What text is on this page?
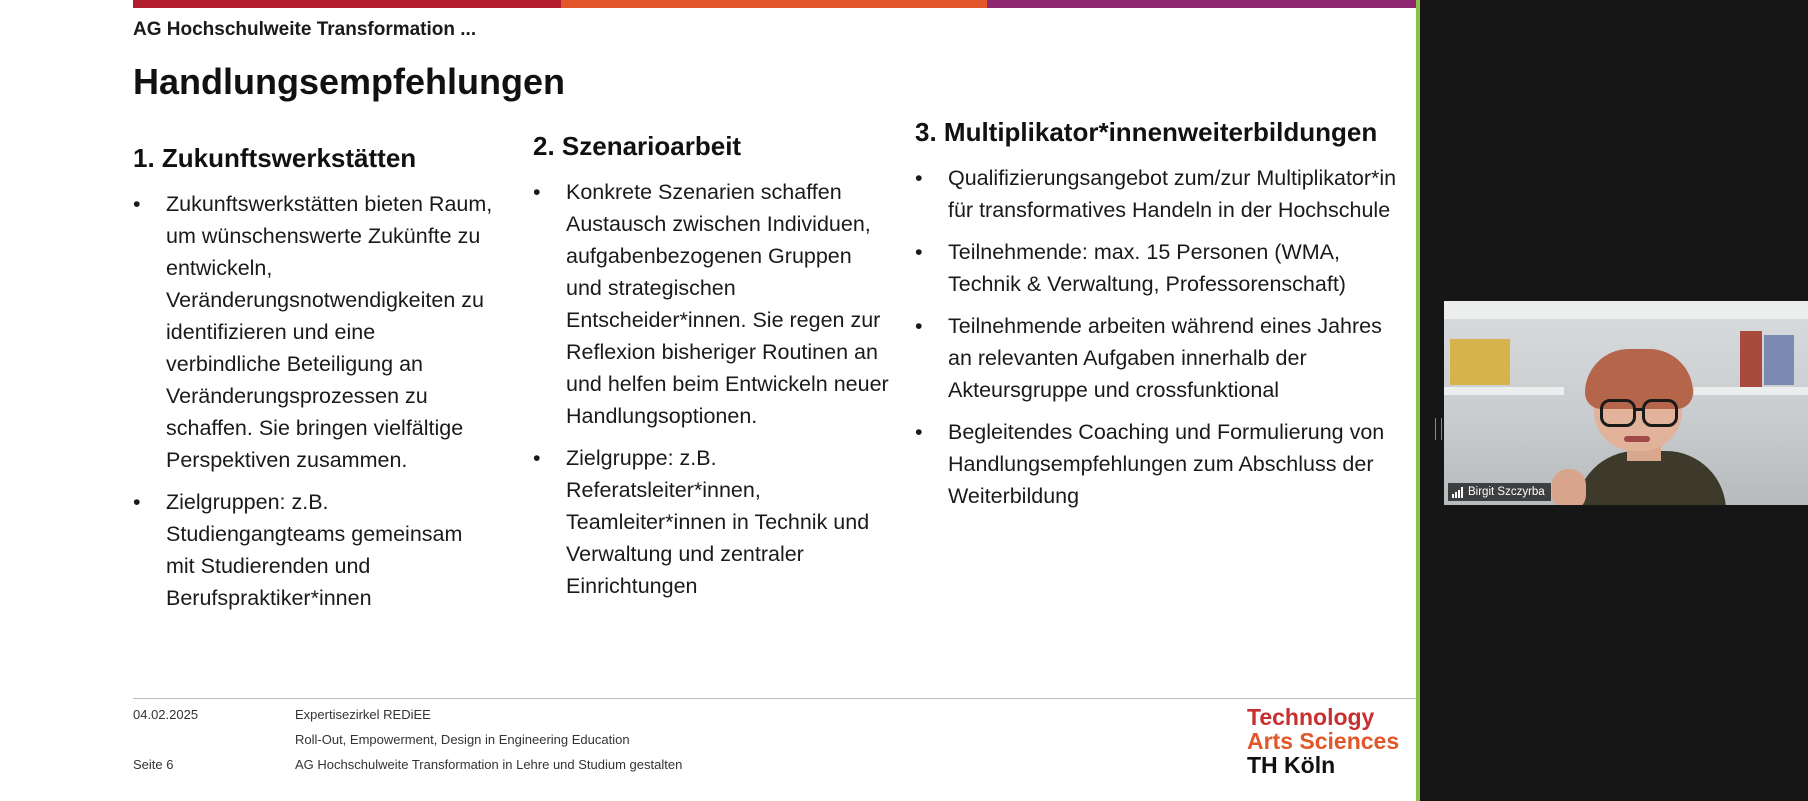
AG Hochschulweite Transformation ...
Handlungsempfehlungen
1. Zukunftswerkstätten
• Zukunftswerkstätten bieten Raum, um wünschenswerte Zukünfte zu entwickeln, Veränderungsnotwendigkeiten zu identifizieren und eine verbindliche Beteiligung an Veränderungsprozessen zu schaffen. Sie bringen vielfältige Perspektiven zusammen.
• Zielgruppen: z.B. Studiengangteams gemeinsam mit Studierenden und Berufspraktiker*innen
2. Szenarioarbeit
• Konkrete Szenarien schaffen Austausch zwischen Individuen, aufgabenbezogenen Gruppen und strategischen Entscheider*innen. Sie regen zur Reflexion bisheriger Routinen an und helfen beim Entwickeln neuer Handlungsoptionen.
• Zielgruppe: z.B. Referatsleiter*innen, Teamleiter*innen in Technik und Verwaltung und zentraler Einrichtungen
3. Multiplikator*innenweiterbildungen
• Qualifizierungsangebot zum/zur Multiplikator*in für transformatives Handeln in der Hochschule
• Teilnehmende: max. 15 Personen (WMA, Technik & Verwaltung, Professorenschaft)
• Teilnehmende arbeiten während eines Jahres an relevanten Aufgaben innerhalb der Akteursgruppe und crossfunktional
• Begleitendes Coaching und Formulierung von Handlungsempfehlungen zum Abschluss der Weiterbildung
04.02.2025
Seite 6
Expertisezirkel REDiEE
Roll-Out, Empowerment, Design in Engineering Education
AG Hochschulweite Transformation in Lehre und Studium gestalten
Technology
Arts Sciences
TH Köln
Birgit Szczyrba
